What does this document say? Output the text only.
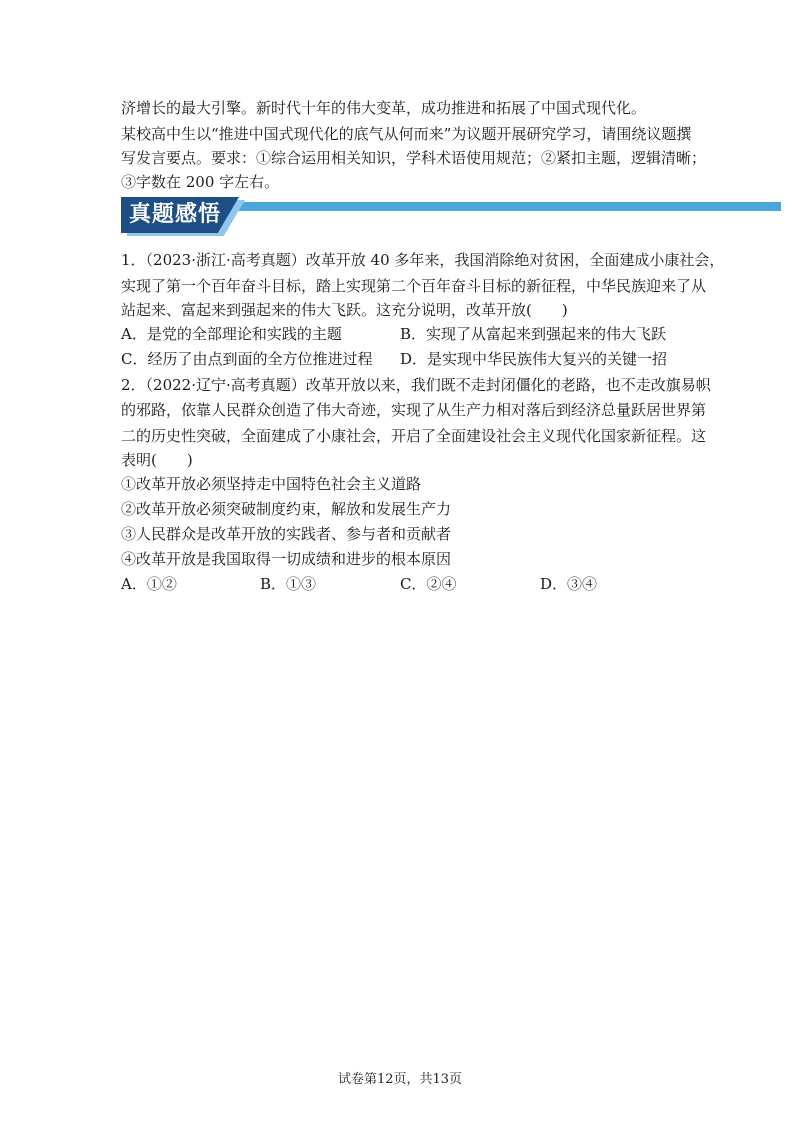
济增长的最大引擎。新时代十年的伟大变革，成功推进和拓展了中国式现代化。
某校高中生以“推进中国式现代化的底气从何而来”为议题开展研究学习，请围绕议题撰
写发言要点。要求：①综合运用相关知识，学科术语使用规范；②紧扣主题，逻辑清晰；
③字数在 200 字左右。
真题感悟
1．（2023·浙江·高考真题）改革开放 40 多年来，我国消除绝对贫困，全面建成小康社会，
实现了第一个百年奋斗目标，踏上实现第二个百年奋斗目标的新征程，中华民族迎来了从
站起来、富起来到强起来的伟大飞跃。这充分说明，改革开放(　　)
A．是党的全部理论和实践的主题	B．实现了从富起来到强起来的伟大飞跃
C．经历了由点到面的全方位推进过程 D．是实现中华民族伟大复兴的关键一招
2．（2022·辽宁·高考真题）改革开放以来，我们既不走封闭僵化的老路，也不走改旗易帜
的邪路，依靠人民群众创造了伟大奇迹，实现了从生产力相对落后到经济总量跃居世界第
二的历史性突破，全面建成了小康社会，开启了全面建设社会主义现代化国家新征程。这
表明(　　)
①改革开放必须坚持走中国特色社会主义道路
②改革开放必须突破制度约束，解放和发展生产力
③人民群众是改革开放的实践者、参与者和贡献者
④改革开放是我国取得一切成绩和进步的根本原因
A．①②	B．①③	C．②④	D．③④
试卷第12页，共13页
